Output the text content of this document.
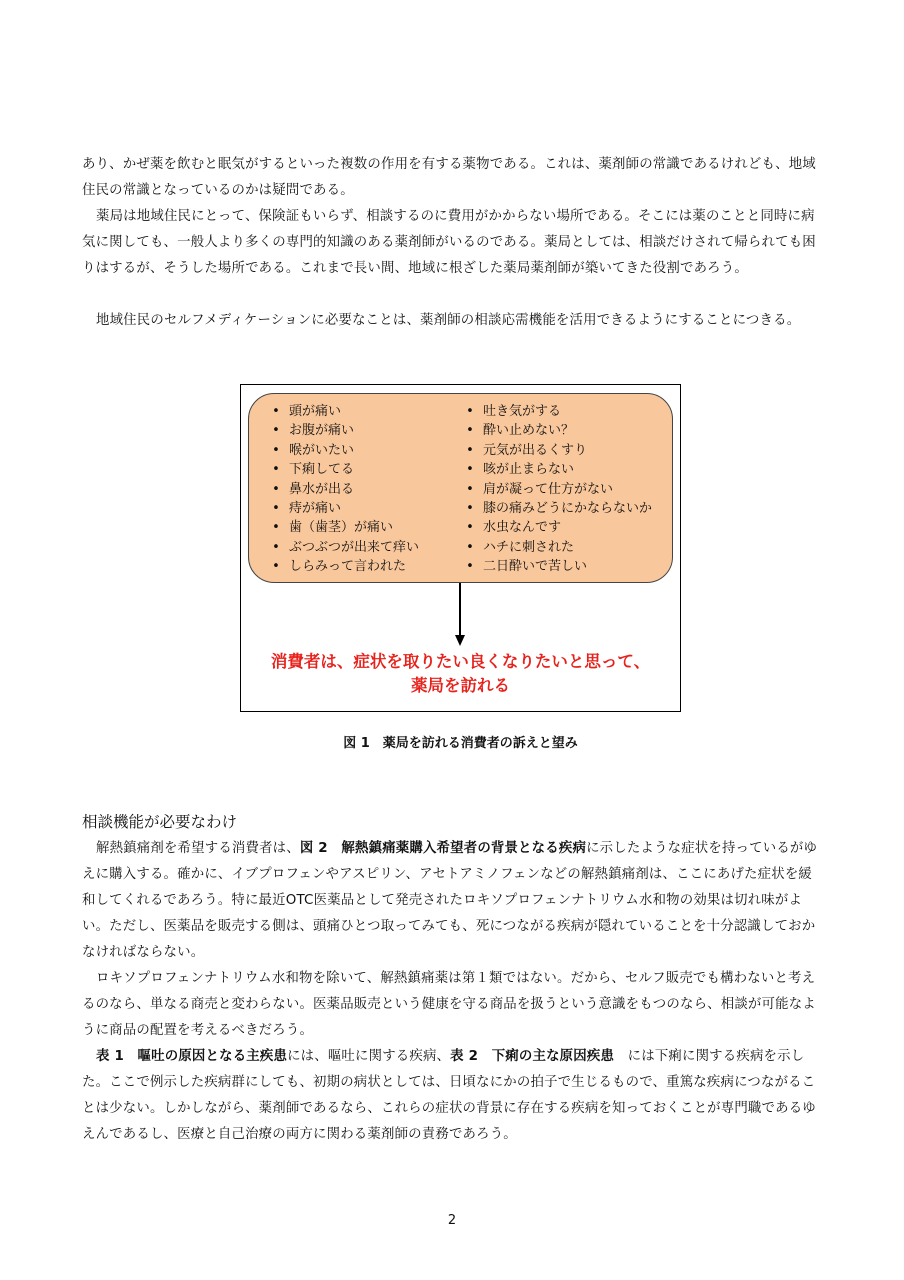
あり、かぜ薬を飲むと眠気がするといった複数の作用を有する薬物である。これは、薬剤師の常識であるけれども、地域住民の常識となっているのかは疑問である。

薬局は地域住民にとって、保険証もいらず、相談するのに費用がかからない場所である。そこには薬のことと同時に病気に関しても、一般人より多くの専門的知識のある薬剤師がいるのである。薬局としては、相談だけされて帰られても困りはするが、そうした場所である。これまで長い間、地域に根ざした薬局薬剤師が築いてきた役割であろう。

地域住民のセルフメディケーションに必要なことは、薬剤師の相談応需機能を活用できるようにすることにつきる。

• 頭が痛い
• お腹が痛い
• 喉がいたい
• 下痢してる
• 鼻水が出る
• 痔が痛い
• 歯（歯茎）が痛い
• ぶつぶつが出来て痒い
• しらみって言われた
• 吐き気がする
• 酔い止めない？
• 元気が出るくすり
• 咳が止まらない
• 肩が凝って仕方がない
• 膝の痛みどうにかならないか
• 水虫なんです
• ハチに刺された
• 二日酔いで苦しい
消費者は、症状を取りたい良くなりたいと思って、
薬局を訪れる
図 1　薬局を訪れる消費者の訴えと望み
相談機能が必要なわけ

解熱鎮痛剤を希望する消費者は、図 2　解熱鎮痛薬購入希望者の背景となる疾病に示したような症状を持っているがゆえに購入する。確かに、イブプロフェンやアスピリン、アセトアミノフェンなどの解熱鎮痛剤は、ここにあげた症状を緩和してくれるであろう。特に最近OTC医薬品として発売されたロキソプロフェンナトリウム水和物の効果は切れ味がよい。ただし、医薬品を販売する側は、頭痛ひとつ取ってみても、死につながる疾病が隠れていることを十分認識しておかなければならない。

ロキソプロフェンナトリウム水和物を除いて、解熱鎮痛薬は第１類ではない。だから、セルフ販売でも構わないと考えるのなら、単なる商売と変わらない。医薬品販売という健康を守る商品を扱うという意識をもつのなら、相談が可能なように商品の配置を考えるべきだろう。

表 1　嘔吐の原因となる主疾患には、嘔吐に関する疾病、表 2　下痢の主な原因疾患　には下痢に関する疾病を示した。ここで例示した疾病群にしても、初期の病状としては、日頃なにかの拍子で生じるもので、重篤な疾病につながることは少ない。しかしながら、薬剤師であるなら、これらの症状の背景に存在する疾病を知っておくことが専門職であるゆえんであるし、医療と自己治療の両方に関わる薬剤師の責務であろう。

2
